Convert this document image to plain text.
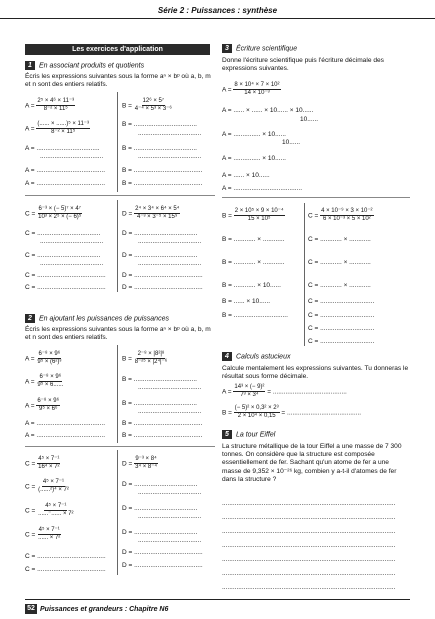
Série 2 : Puissances : synthèse
Les exercices d'application
1 En associant produits et quotients
Écris les expressions suivantes sous la forme aⁿ × bᵖ où a, b, m et n sont des entiers relatifs.
$A = \frac{\text{2⁵ × 4⁶ × 11⁻³}}{\text{8⁻² × 11⁵}}$	$B = \frac{\text{12⁶ × 5⁷}}{\text{4⁻⁴ × 5³ × 3⁻⁶}}$
$A = \frac{\text{(...... × ......)⁵ × 11⁻³}}{\text{8⁻² × 11⁵}}$	B = ...................................
...................................
A = ...................................
...................................
B = ...................................
...................................
A = ......................................
A = ......................................
B = ......................................
B = ......................................
$C = \frac{\text{6⁻³ × (− 5)⁷ × 4⁷}}{\text{10³ × 2⁵ × (− 6)⁵}}$	$D = \frac{\text{2⁴ × 3⁴ × 6⁴ × 5⁴}}{\text{4⁻³ × 3⁻⁵ × 15⁹}}$
C = ...................................
...................................
D = ...................................
...................................
C = ...................................
...................................
D = ...................................
...................................
C = ......................................
C = ......................................
D = ......................................
D = ......................................
2 En ajoutant les puissances de puissances
Écris les expressions suivantes sous la forme aⁿ × bᵖ où a, b, m et n sont des entiers relatifs.
$A = \frac{\text{6⁻⁸ × 9⁶}}{\text{9⁵ × (6²)³}}$	$B = \frac{\text{2⁻⁸ × |8²|⁸}}{\text{8⁻²⁵ × |2⁴|⁻⁶}}$
$A = \frac{\text{6⁻⁸ × 9⁶}}{\text{9⁵ × 6......}}$	B = ...................................
...................................
$A = \frac{\text{6⁻⁸ × 9⁶}}{\text{9⁵ × 6⁶}}$	B = ...................................
...................................
A = ......................................
A = ......................................
B = ......................................
B = ......................................
$C = \frac{\text{4⁵ × 7⁻¹}}{\text{16⁴ × 7²}}$	$D = \frac{\text{9⁻³ × 8⁴}}{\text{3⁴ × 8⁻⁴}}$
$C = \frac{\text{4⁵ × 7⁻¹}}{\text{(......²)⁴ × 7²}}$	D = ...................................
...................................
$C = \frac{\text{4⁵ × 7⁻¹}}{\text{......⁻...... × 7²}}$	D = ...................................
...................................
$C = \frac{\text{4⁵ × 7⁻¹}}{\text{...... × 7²}}$	D = ...................................
...................................
C = ......................................
C = ......................................
D = ......................................
D = ......................................
3 Écriture scientifique
Donne l'écriture scientifique puis l'écriture décimale des expressions suivantes.
$A = \frac{\text{8 × 10⁴ × 7 × 10²}}{\text{14 × 10⁻³}}$
A = ...... × ...... × 10...... × 10......
10......
A = ............... × 10......
10......
A = ............... × 10......
A = ...... × 10......
A = ......................................
$B = \frac{\text{2 × 10⁵ × 9 × 10⁻⁴}}{\text{15 × 10⁵}}$	$C = \frac{\text{4 × 10⁻⁹ × 3 × 10⁻²}}{\text{6 × 10⁻³ × 5 × 10²}}$
B = ............ × ............
B = ............ × ............
B = ............ × 10......
B = ...... × 10......
B = ..............................
C = ............ × ............
C = ............ × ............
C = ............ × ............
C = ..............................
C = ..............................
C = ..............................
C = ..............................
4 Calculs astucieux
Calcule mentalement les expressions suivantes. Tu donneras le résultat sous forme décimale.
$A = \frac{\text{14³ × (− 9)²}}{\text{7³ × 3⁴}}$ = .........................................
$B = \frac{\text{(− 5)² × 0,3² × 2³}}{\text{2 × 10⁴ × 0,15}}$ = .........................................
5 La tour Eiffel
La structure métallique de la tour Eiffel a une masse de 7 300 tonnes. On considère que la structure est composée essentiellement de fer. Sachant qu'un atome de fer a une masse de 9,352 × 10⁻²⁶ kg, combien y a-t-il d'atomes de fer dans la structure ?
................................................................................................
................................................................................................
................................................................................................
................................................................................................
................................................................................................
................................................................................................
................................................................................................
52 Puissances et grandeurs : Chapitre N6
